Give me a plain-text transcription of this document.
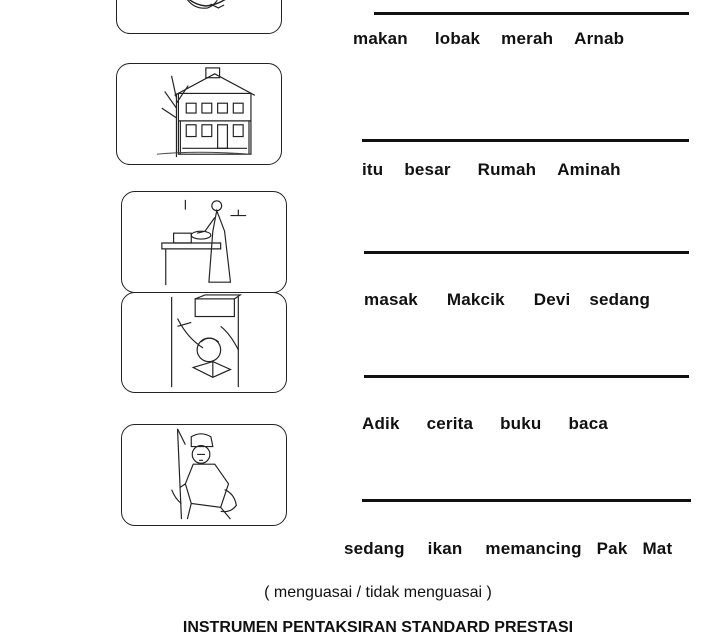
makan lobak merah Arnab
itu besar Rumah Aminah
masak Makcik Devi sedang
Adik cerita buku baca
sedang ikan memancing Pak Mat
( menguasai / tidak menguasai )
INSTRUMEN PENTAKSIRAN STANDARD PRESTASI
